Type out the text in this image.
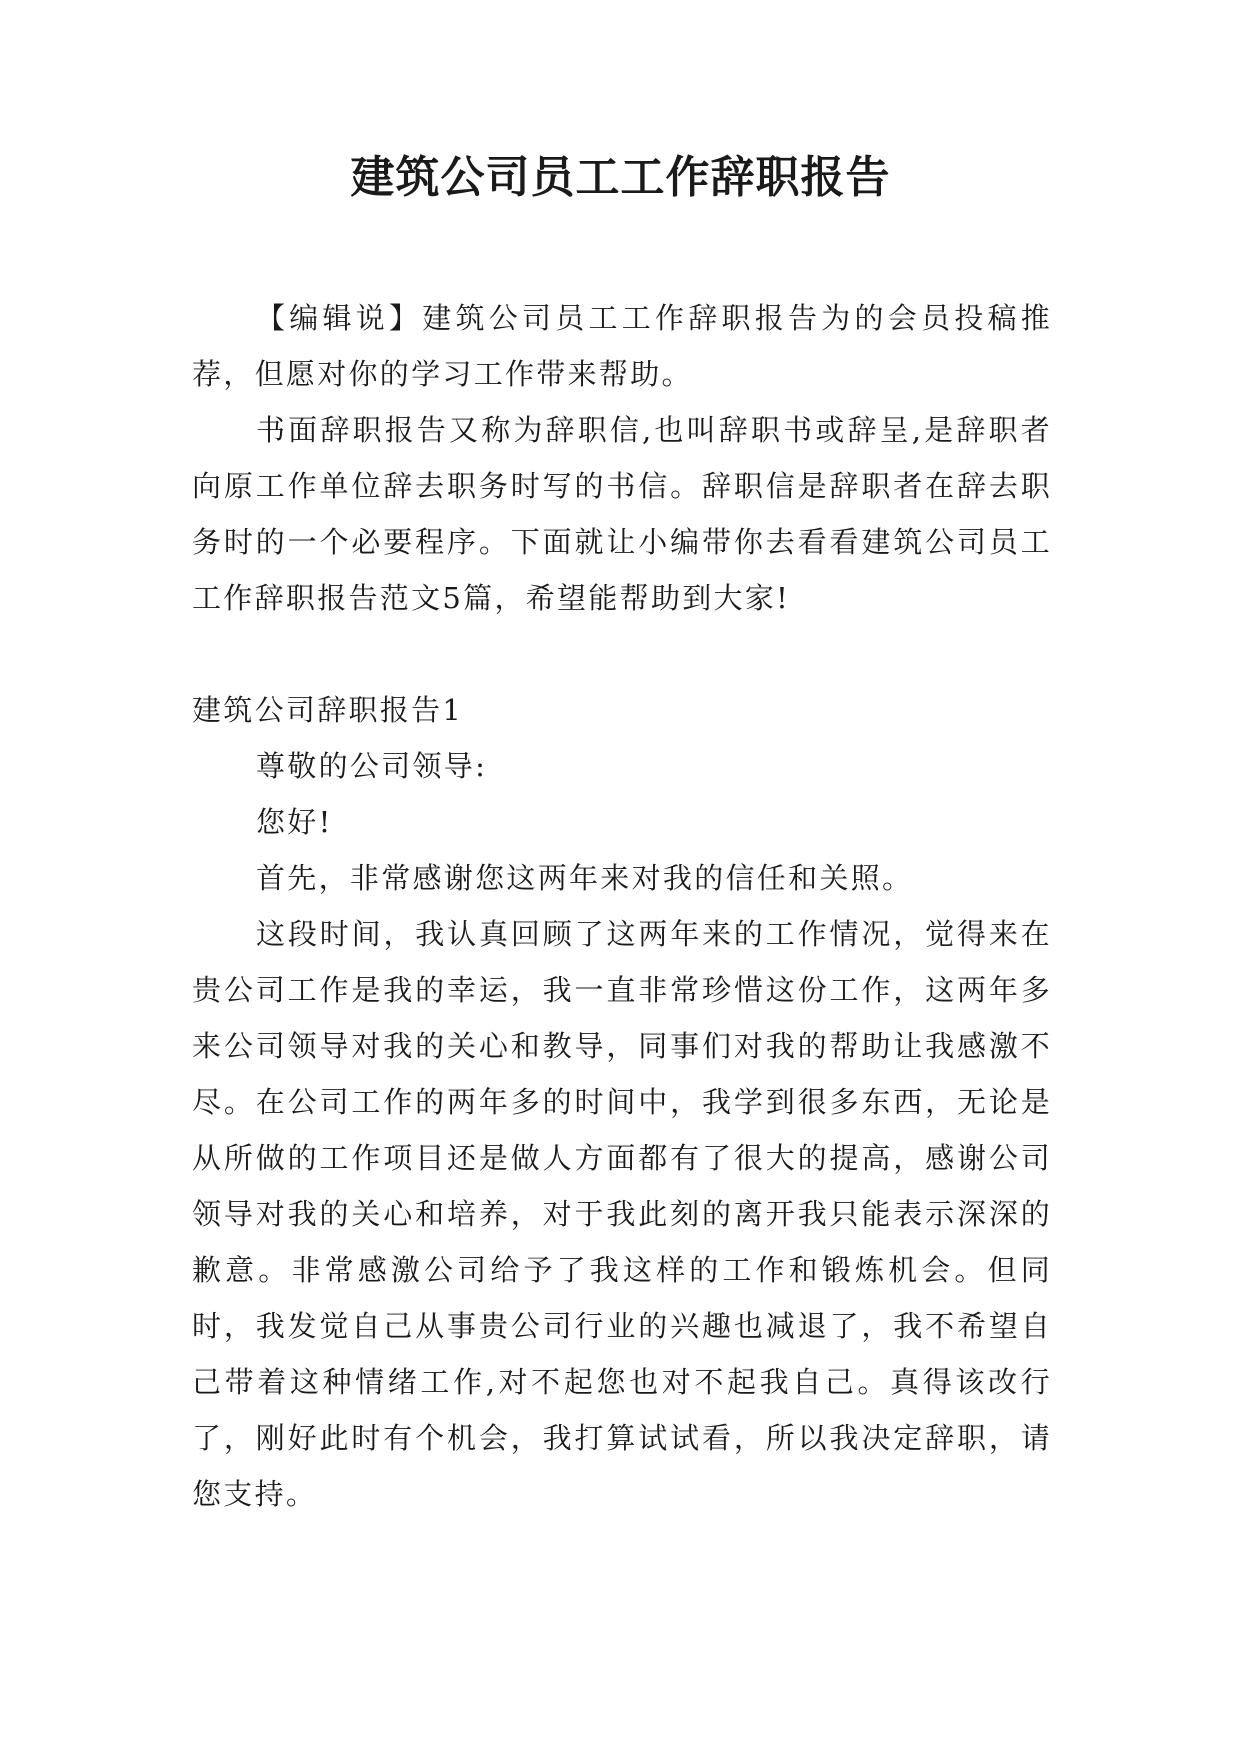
建筑公司员工工作辞职报告

【编辑说】建筑公司员工工作辞职报告为的会员投稿推荐，但愿对你的学习工作带来帮助。

书面辞职报告又称为辞职信,也叫辞职书或辞呈,是辞职者向原工作单位辞去职务时写的书信。辞职信是辞职者在辞去职务时的一个必要程序。下面就让小编带你去看看建筑公司员工工作辞职报告范文5篇，希望能帮助到大家!

建筑公司辞职报告1

尊敬的公司领导:

您好!

首先，非常感谢您这两年来对我的信任和关照。

这段时间，我认真回顾了这两年来的工作情况，觉得来在贵公司工作是我的幸运，我一直非常珍惜这份工作，这两年多来公司领导对我的关心和教导，同事们对我的帮助让我感激不尽。在公司工作的两年多的时间中，我学到很多东西，无论是从所做的工作项目还是做人方面都有了很大的提高，感谢公司领导对我的关心和培养，对于我此刻的离开我只能表示深深的歉意。非常感激公司给予了我这样的工作和锻炼机会。但同时，我发觉自己从事贵公司行业的兴趣也减退了，我不希望自己带着这种情绪工作,对不起您也对不起我自己。真得该改行了，刚好此时有个机会，我打算试试看，所以我决定辞职，请您支持。
